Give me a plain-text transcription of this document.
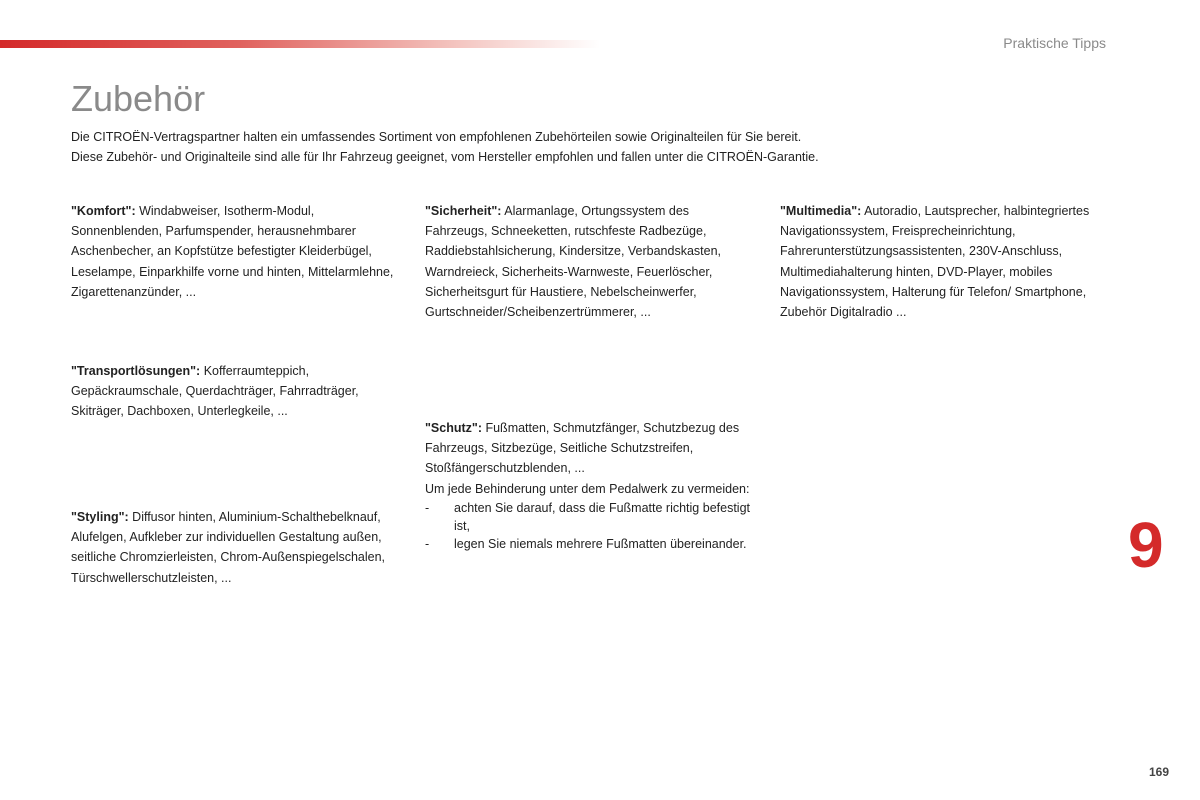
Praktische Tipps
Zubehör

Die CITROËN-Vertragspartner halten ein umfassendes Sortiment von empfohlenen Zubehörteilen sowie Originalteilen für Sie bereit.

Diese Zubehör- und Originalteile sind alle für Ihr Fahrzeug geeignet, vom Hersteller empfohlen und fallen unter die CITROËN-Garantie.

"Komfort": Windabweiser, Isotherm-Modul, Sonnenblenden, Parfumspender, herausnehmbarer Aschenbecher, an Kopfstütze befestigter Kleiderbügel, Leselampe, Einparkhilfe vorne und hinten, Mittelarmlehne, Zigarettenanzünder, ...
"Transportlösungen": Kofferraumteppich, Gepäckraumschale, Querdachträger, Fahrradträger, Skiträger, Dachboxen, Unterlegkeile, ...
"Styling": Diffusor hinten, Aluminium-Schalthebelknauf, Alufelgen, Aufkleber zur individuellen Gestaltung außen, seitliche Chromzierleisten, Chrom-Außenspiegelschalen, Türschwellerschutzleisten, ...
"Sicherheit": Alarmanlage, Ortungssystem des Fahrzeugs, Schneeketten, rutschfeste Radbezüge, Raddiebstahlsicherung, Kindersitze, Verbandskasten, Warndreieck, Sicherheits-Warnweste, Feuerlöscher, Sicherheitsgurt für Haustiere, Nebelscheinwerfer, Gurtschneider/Scheibenzertrümmerer, ...
"Schutz": Fußmatten, Schmutzfänger, Schutzbezug des Fahrzeugs, Sitzbezüge, Seitliche Schutzstreifen, Stoßfängerschutzblenden, ...
Um jede Behinderung unter dem Pedalwerk zu vermeiden:
- achten Sie darauf, dass die Fußmatte richtig befestigt ist,
- legen Sie niemals mehrere Fußmatten übereinander.
"Multimedia": Autoradio, Lautsprecher, halbintegriertes Navigationssystem, Freisprecheinrichtung, Fahrerunterstützungsassistenten, 230V-Anschluss, Multimediahalterung hinten, DVD-Player, mobiles Navigationssystem, Halterung für Telefon/ Smartphone, Zubehör Digitalradio ...
9
169
